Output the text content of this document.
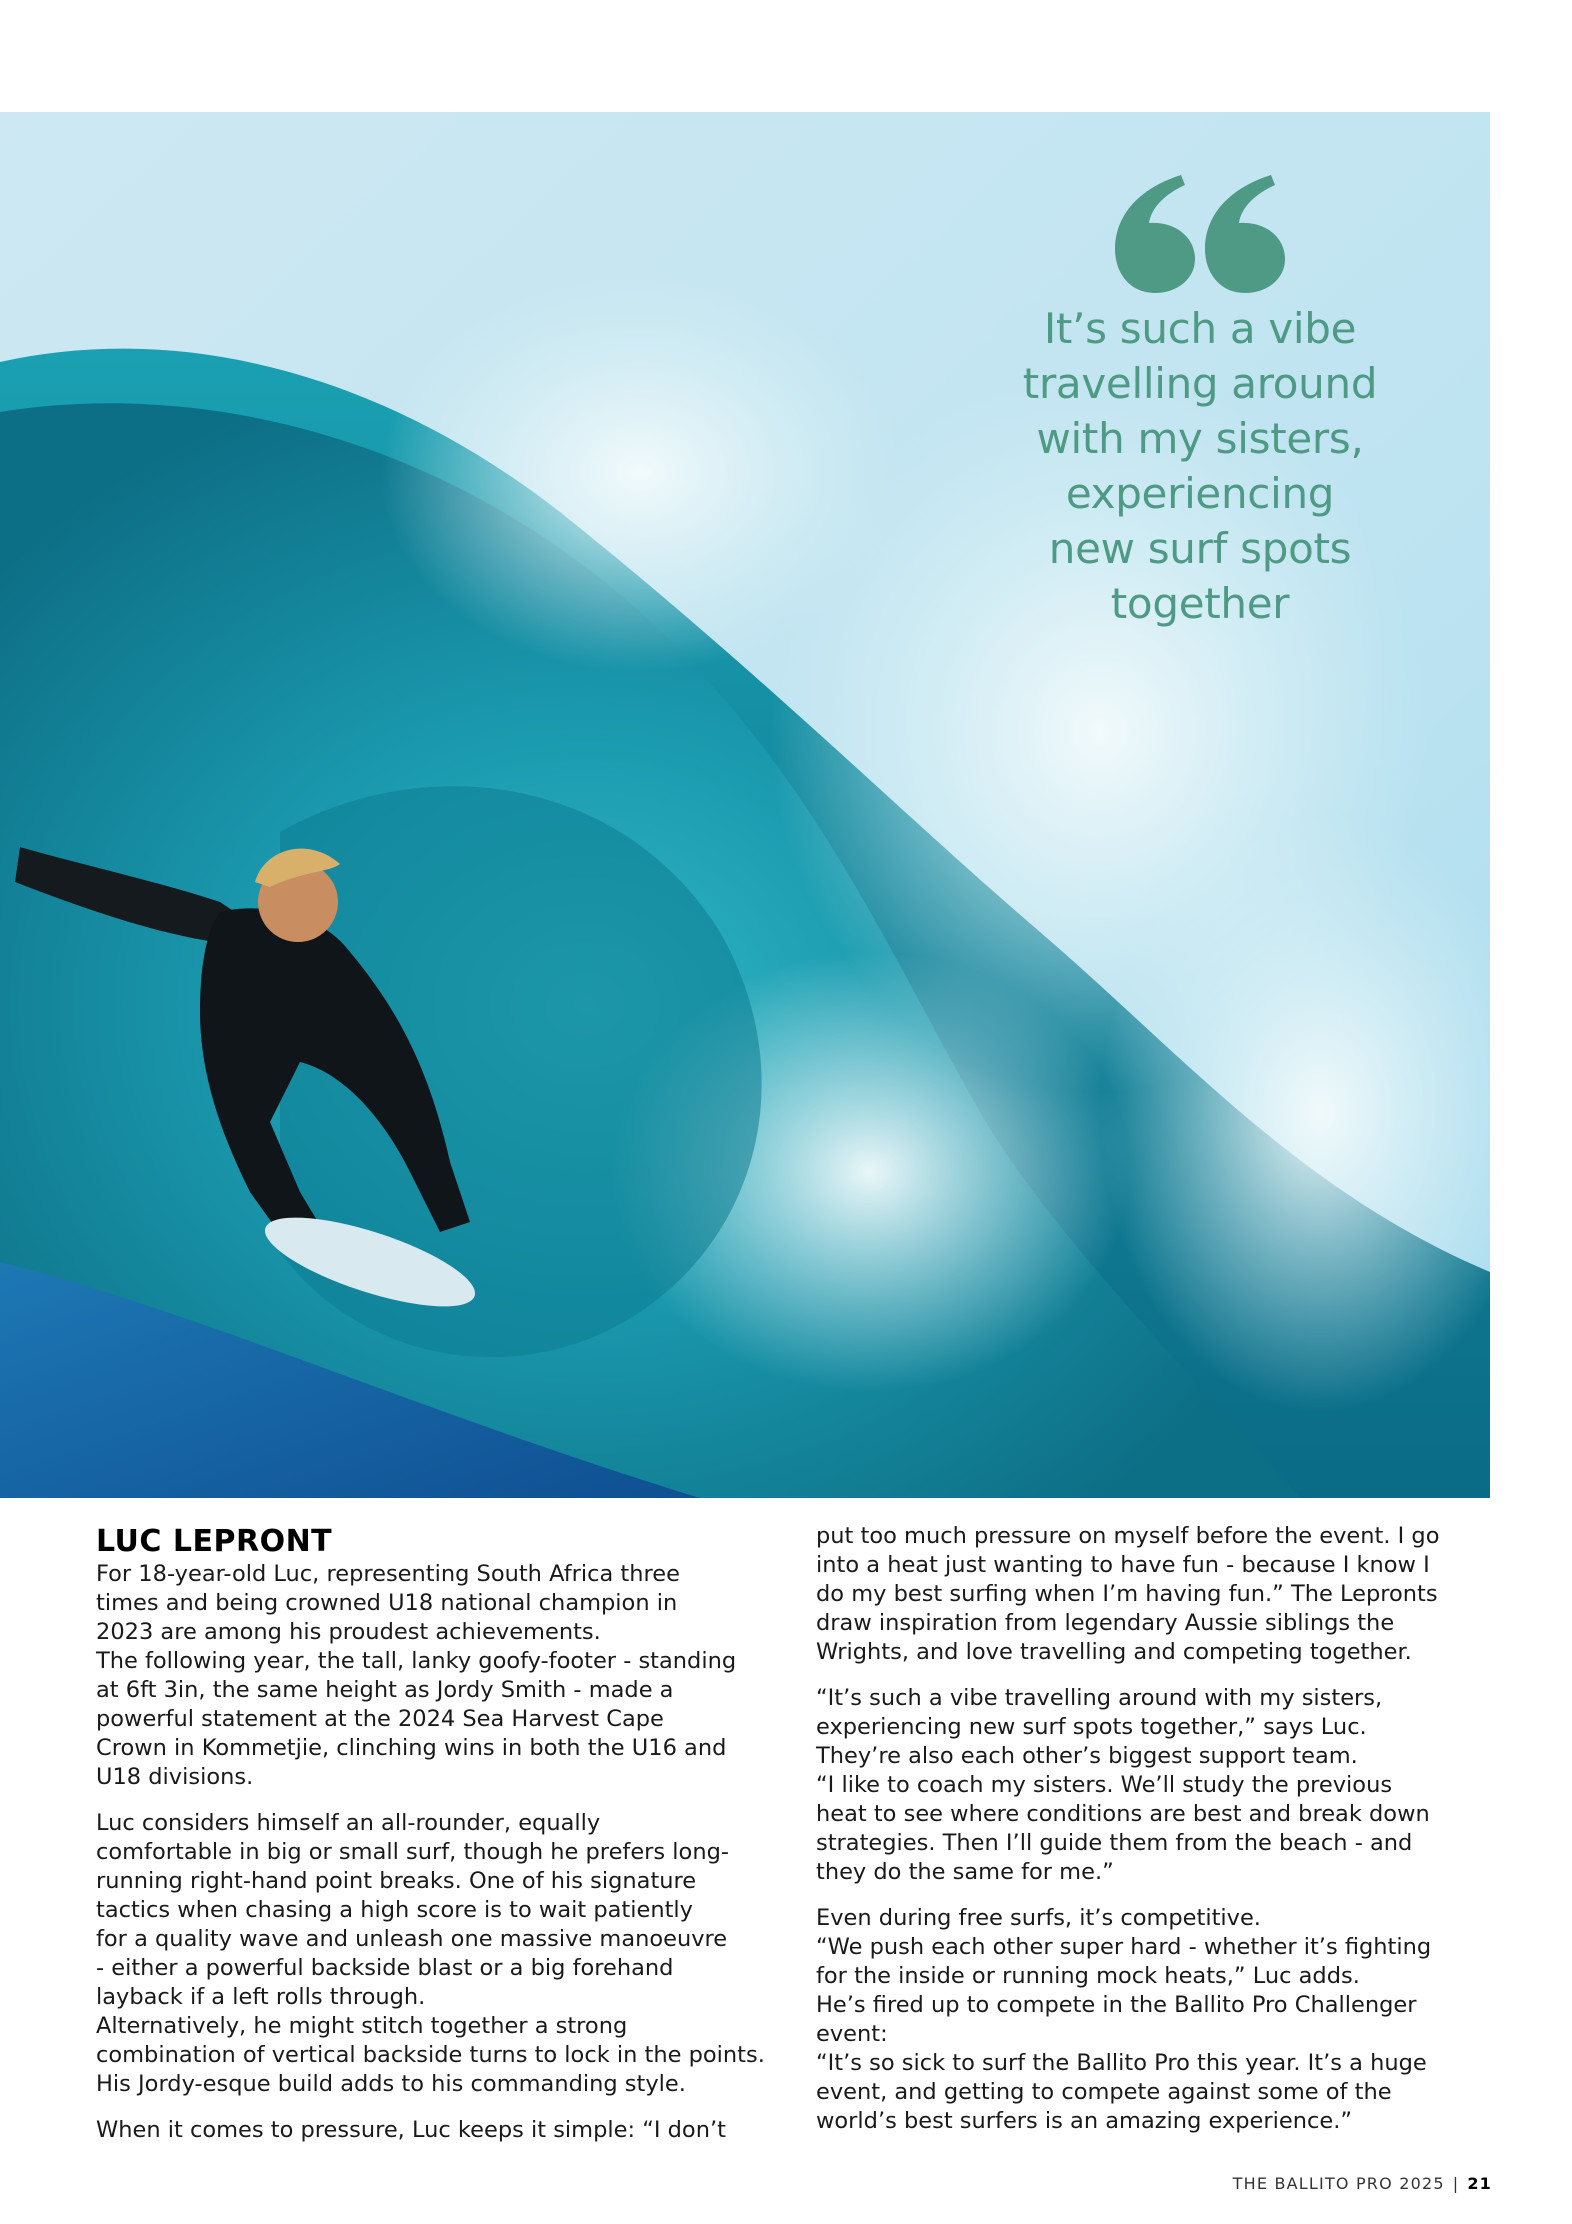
It’s such a vibe
travelling around
with my sisters,
experiencing
new surf spots
together
LUC LEPRONT

For 18-year-old Luc, representing South Africa three
times and being crowned U18 national champion in
2023 are among his proudest achievements.
The following year, the tall, lanky goofy-footer - standing
at 6ft 3in, the same height as Jordy Smith - made a
powerful statement at the 2024 Sea Harvest Cape
Crown in Kommetjie, clinching wins in both the U16 and
U18 divisions.

Luc considers himself an all-rounder, equally
comfortable in big or small surf, though he prefers long-
running right-hand point breaks. One of his signature
tactics when chasing a high score is to wait patiently
for a quality wave and unleash one massive manoeuvre
- either a powerful backside blast or a big forehand
layback if a left rolls through.
Alternatively, he might stitch together a strong
combination of vertical backside turns to lock in the points.
His Jordy-esque build adds to his commanding style.

When it comes to pressure, Luc keeps it simple: “I don’t

put too much pressure on myself before the event. I go
into a heat just wanting to have fun - because I know I
do my best surfing when I’m having fun.” The Lepronts
draw inspiration from legendary Aussie siblings the
Wrights, and love travelling and competing together.

“It’s such a vibe travelling around with my sisters,
experiencing new surf spots together,” says Luc.
They’re also each other’s biggest support team.
“I like to coach my sisters. We’ll study the previous
heat to see where conditions are best and break down
strategies. Then I’ll guide them from the beach - and
they do the same for me.”

Even during free surfs, it’s competitive.
“We push each other super hard - whether it’s fighting
for the inside or running mock heats,” Luc adds.
He’s fired up to compete in the Ballito Pro Challenger
event:
“It’s so sick to surf the Ballito Pro this year. It’s a huge
event, and getting to compete against some of the
world’s best surfers is an amazing experience.”

THE BALLITO PRO 2025 | 21
